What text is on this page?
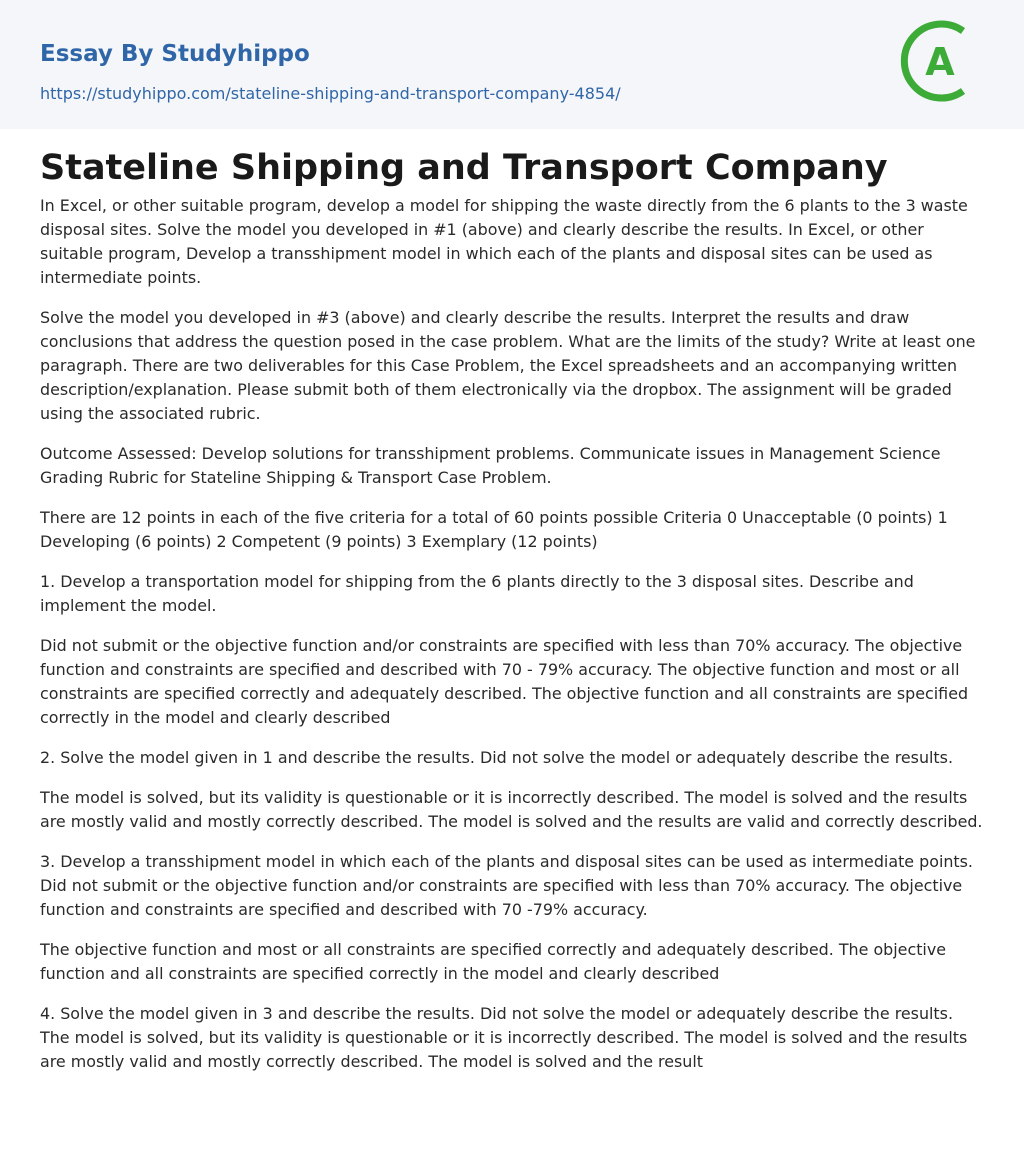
Essay By Studyhippo
https://studyhippo.com/stateline-shipping-and-transport-company-4854/
A
Stateline Shipping and Transport Company

In Excel, or other suitable program, develop a model for shipping the waste directly from the 6 plants to the 3 waste disposal sites. Solve the model you developed in #1 (above) and clearly describe the results. In Excel, or other suitable program, Develop a transshipment model in which each of the plants and disposal sites can be used as intermediate points.

Solve the model you developed in #3 (above) and clearly describe the results. Interpret the results and draw conclusions that address the question posed in the case problem. What are the limits of the study? Write at least one paragraph. There are two deliverables for this Case Problem, the Excel spreadsheets and an accompanying written description/explanation. Please submit both of them electronically via the dropbox. The assignment will be graded using the associated rubric.

Outcome Assessed: Develop solutions for transshipment problems. Communicate issues in Management Science Grading Rubric for Stateline Shipping & Transport Case Problem.

There are 12 points in each of the five criteria for a total of 60 points possible Criteria 0 Unacceptable (0 points) 1 Developing (6 points) 2 Competent (9 points) 3 Exemplary (12 points)

1. Develop a transportation model for shipping from the 6 plants directly to the 3 disposal sites. Describe and implement the model.

Did not submit or the objective function and/or constraints are specified with less than 70% accuracy. The objective function and constraints are specified and described with 70 - 79% accuracy. The objective function and most or all constraints are specified correctly and adequately described. The objective function and all constraints are specified correctly in the model and clearly described

2. Solve the model given in 1 and describe the results. Did not solve the model or adequately describe the results.

The model is solved, but its validity is questionable or it is incorrectly described. The model is solved and the results are mostly valid and mostly correctly described. The model is solved and the results are valid and correctly described.

3. Develop a transshipment model in which each of the plants and disposal sites can be used as intermediate points. Did not submit or the objective function and/or constraints are specified with less than 70% accuracy. The objective function and constraints are specified and described with 70 -79% accuracy.

The objective function and most or all constraints are specified correctly and adequately described. The objective function and all constraints are specified correctly in the model and clearly described

4. Solve the model given in 3 and describe the results. Did not solve the model or adequately describe the results. The model is solved, but its validity is questionable or it is incorrectly described. The model is solved and the results are mostly valid and mostly correctly described. The model is solved and the result
